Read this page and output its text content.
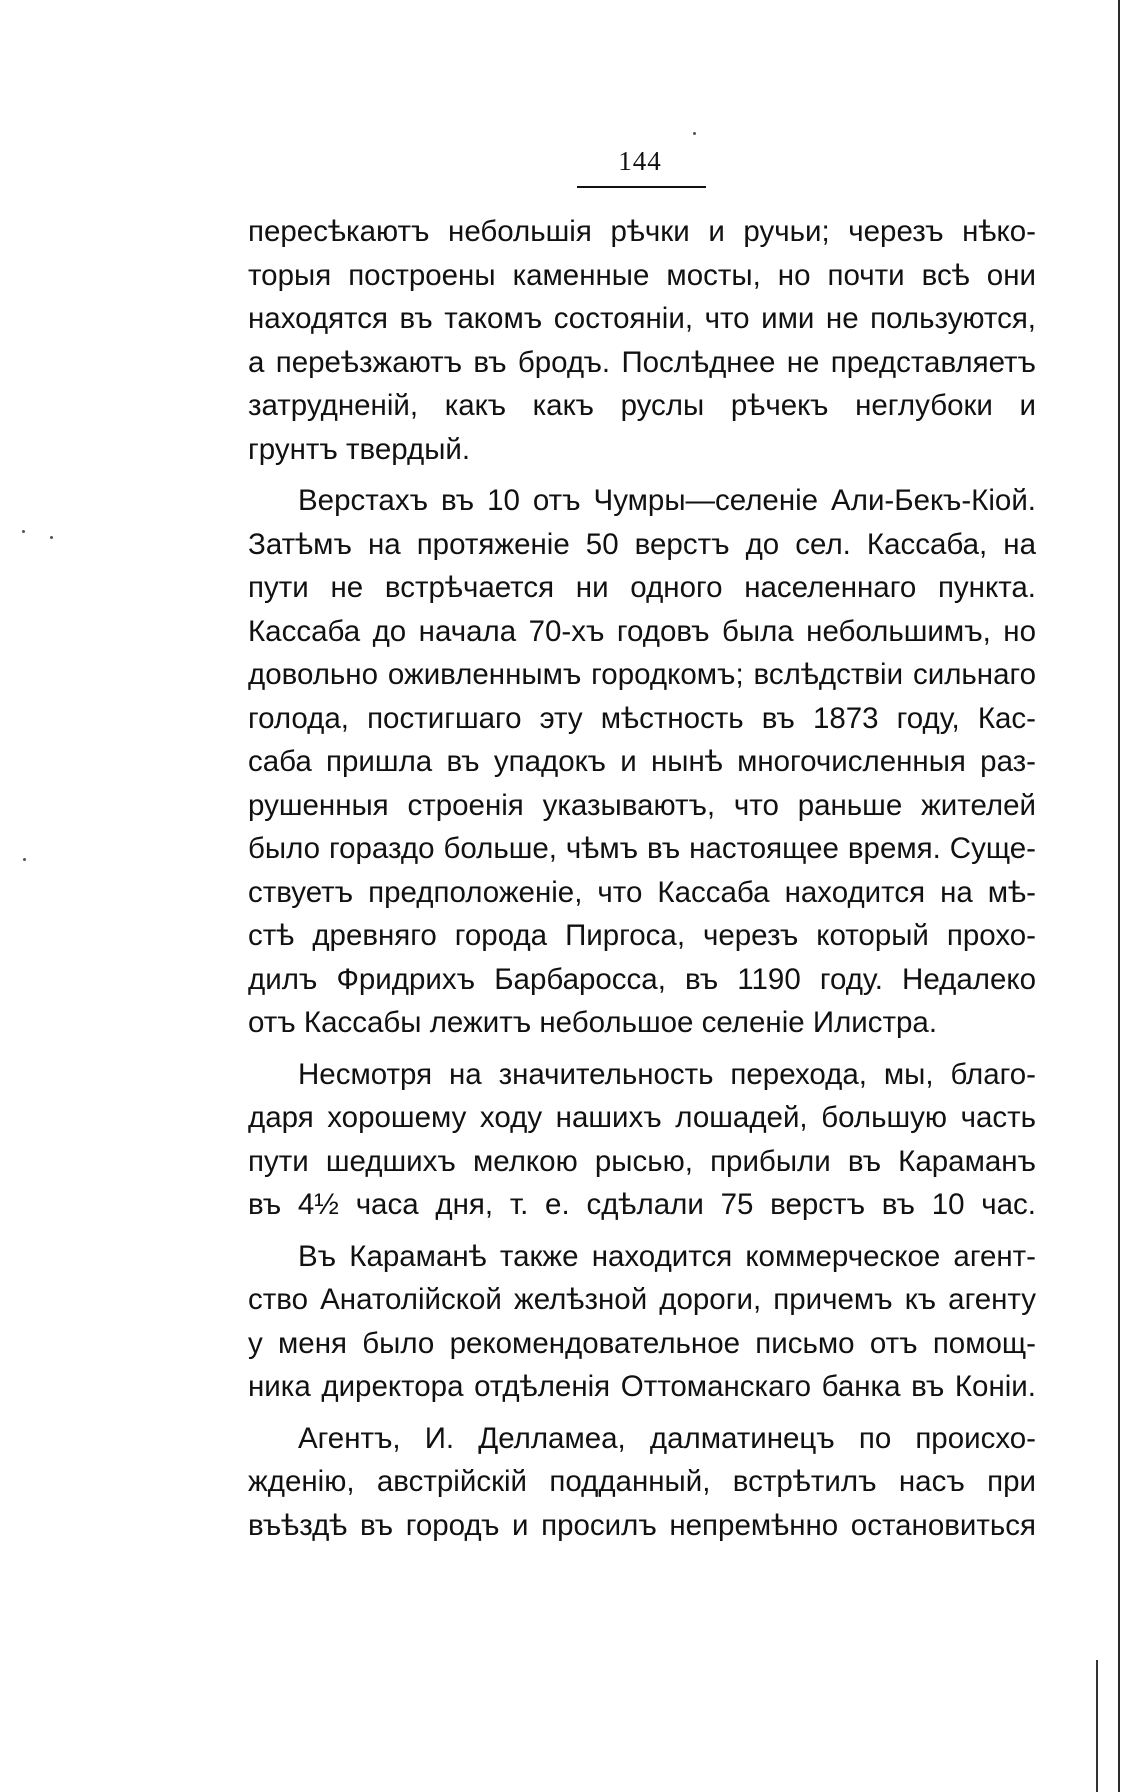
144
пересѣкаютъ небольшія рѣчки и ручьи; черезъ нѣко-
торыя построены каменные мосты, но почти всѣ они
находятся въ такомъ состояніи, что ими не пользуются,
а переѣзжаютъ въ бродъ. Послѣднее не представляетъ
затрудненій, какъ какъ руслы рѣчекъ неглубоки и
грунтъ твердый.
Верстахъ въ 10 отъ Чумры—селеніе Али-Бекъ-Кіой.
Затѣмъ на протяженіе 50 верстъ до сел. Кассаба, на
пути не встрѣчается ни одного населеннаго пункта.
Кассаба до начала 70-хъ годовъ была небольшимъ, но
довольно оживленнымъ городкомъ; вслѣдствіи сильнаго
голода, постигшаго эту мѣстность въ 1873 году, Кас-
саба пришла въ упадокъ и нынѣ многочисленныя раз-
рушенныя строенія указываютъ, что раньше жителей
было гораздо больше, чѣмъ въ настоящее время. Суще-
ствуетъ предположеніе, что Кассаба находится на мѣ-
стѣ древняго города Пиргоса, черезъ который прохо-
дилъ Фридрихъ Барбаросса, въ 1190 году. Недалеко
отъ Кассабы лежитъ небольшое селеніе Илистра.
Несмотря на значительность перехода, мы, благо-
даря хорошему ходу нашихъ лошадей, большую часть
пути шедшихъ мелкою рысью, прибыли въ Караманъ
въ 4½ часа дня, т. е. сдѣлали 75 верстъ въ 10 час.
Въ Караманѣ также находится коммерческое агент-
ство Анатолійской желѣзной дороги, причемъ къ агенту
у меня было рекомендовательное письмо отъ помощ-
ника директора отдѣленія Оттоманскаго банка въ Коніи.
Агентъ, И. Делламеа, далматинецъ по происхо-
жденію, австрійскій подданный, встрѣтилъ насъ при
въѣздѣ въ городъ и просилъ непремѣнно остановиться
